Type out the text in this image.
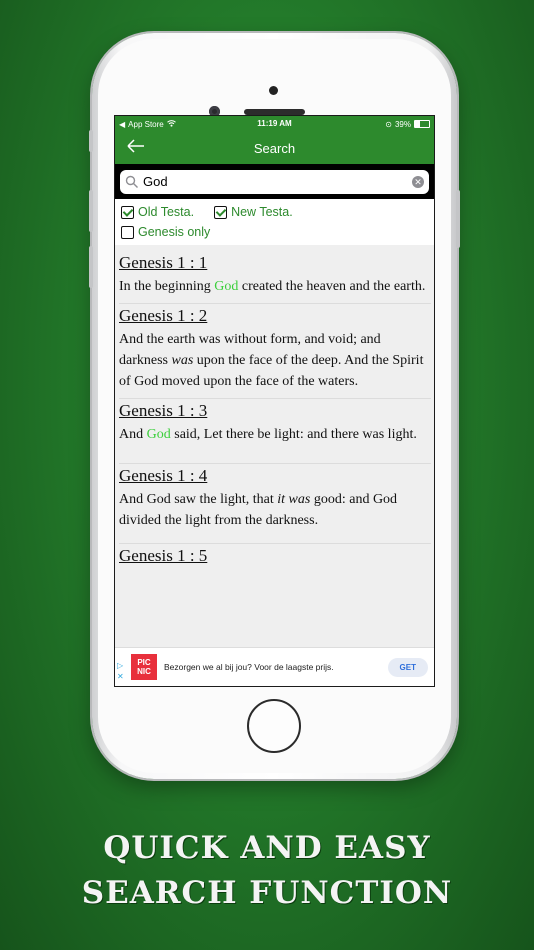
◀ App Store	11:19 AM	⊙ 39%
Search
God
✕
Old Testa.	New Testa.
Genesis only
Genesis 1 : 1
In the beginning God created the heaven and the earth.
Genesis 1 : 2
And the earth was without form, and void; and darkness was upon the face of the deep. And the Spirit of God moved upon the face of the waters.
Genesis 1 : 3
And God said, Let there be light: and there was light.
Genesis 1 : 4
And God saw the light, that it was good: and God divided the light from the darkness.
Genesis 1 : 5
▷
✕
PIC
NIC	Bezorgen we al bij jou? Voor de laagste prijs.	GET
QUICK AND EASY
SEARCH FUNCTION
